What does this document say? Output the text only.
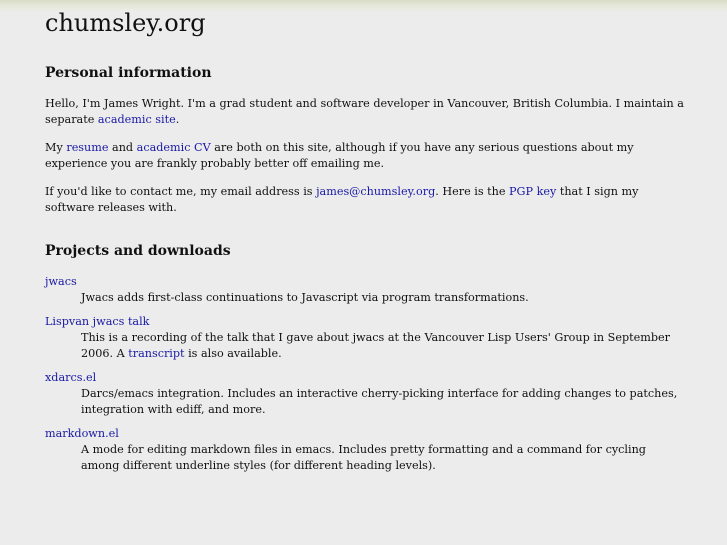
chumsley.org
Personal information

Hello, I'm James Wright. I'm a grad student and software developer in Vancouver, British Columbia. I maintain a separate academic site.

My resume and academic CV are both on this site, although if you have any serious questions about my experience you are frankly probably better off emailing me.

If you'd like to contact me, my email address is james@chumsley.org. Here is the PGP key that I sign my software releases with.

Projects and downloads
jwacs
Jwacs adds first-class continuations to Javascript via program transformations.
Lispvan jwacs talk
This is a recording of the talk that I gave about jwacs at the Vancouver Lisp Users' Group in September 2006. A transcript is also available.
xdarcs.el
Darcs/emacs integration. Includes an interactive cherry-picking interface for adding changes to patches, integration with ediff, and more.
markdown.el
A mode for editing markdown files in emacs. Includes pretty formatting and a command for cycling among different underline styles (for different heading levels).
